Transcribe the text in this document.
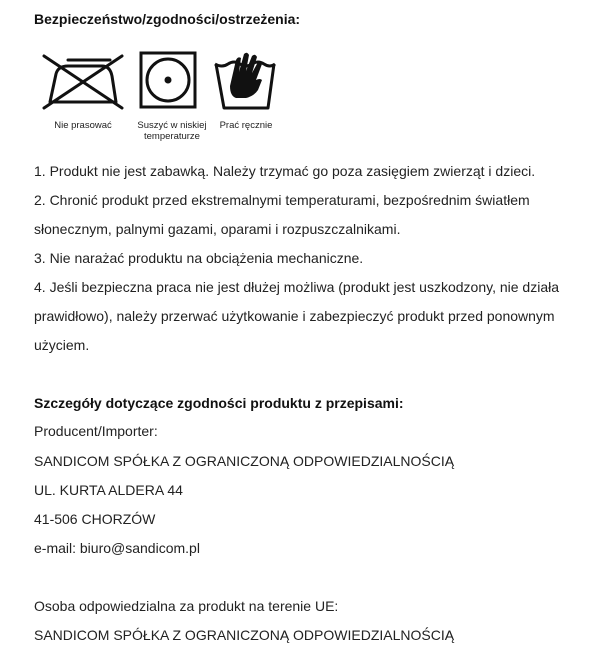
Bezpieczeństwo/zgodności/ostrzeżenia:
Nie prasować	Suszyć w niskiej
temperaturze
Prać ręcznie
1. Produkt nie jest zabawką. Należy trzymać go poza zasięgiem zwierząt i dzieci.
2. Chronić produkt przed ekstremalnymi temperaturami, bezpośrednim światłem
słonecznym, palnymi gazami, oparami i rozpuszczalnikami.
3. Nie narażać produktu na obciążenia mechaniczne.
4. Jeśli bezpieczna praca nie jest dłużej możliwa (produkt jest uszkodzony, nie działa
prawidłowo), należy przerwać użytkowanie i zabezpieczyć produkt przed ponownym
użyciem.
Szczegóły dotyczące zgodności produktu z przepisami:
Producent/Importer:
SANDICOM SPÓŁKA Z OGRANICZONĄ ODPOWIEDZIALNOŚCIĄ
UL. KURTA ALDERA 44
41-506 CHORZÓW
e-mail: biuro@sandicom.pl
Osoba odpowiedzialna za produkt na terenie UE:
SANDICOM SPÓŁKA Z OGRANICZONĄ ODPOWIEDZIALNOŚCIĄ
